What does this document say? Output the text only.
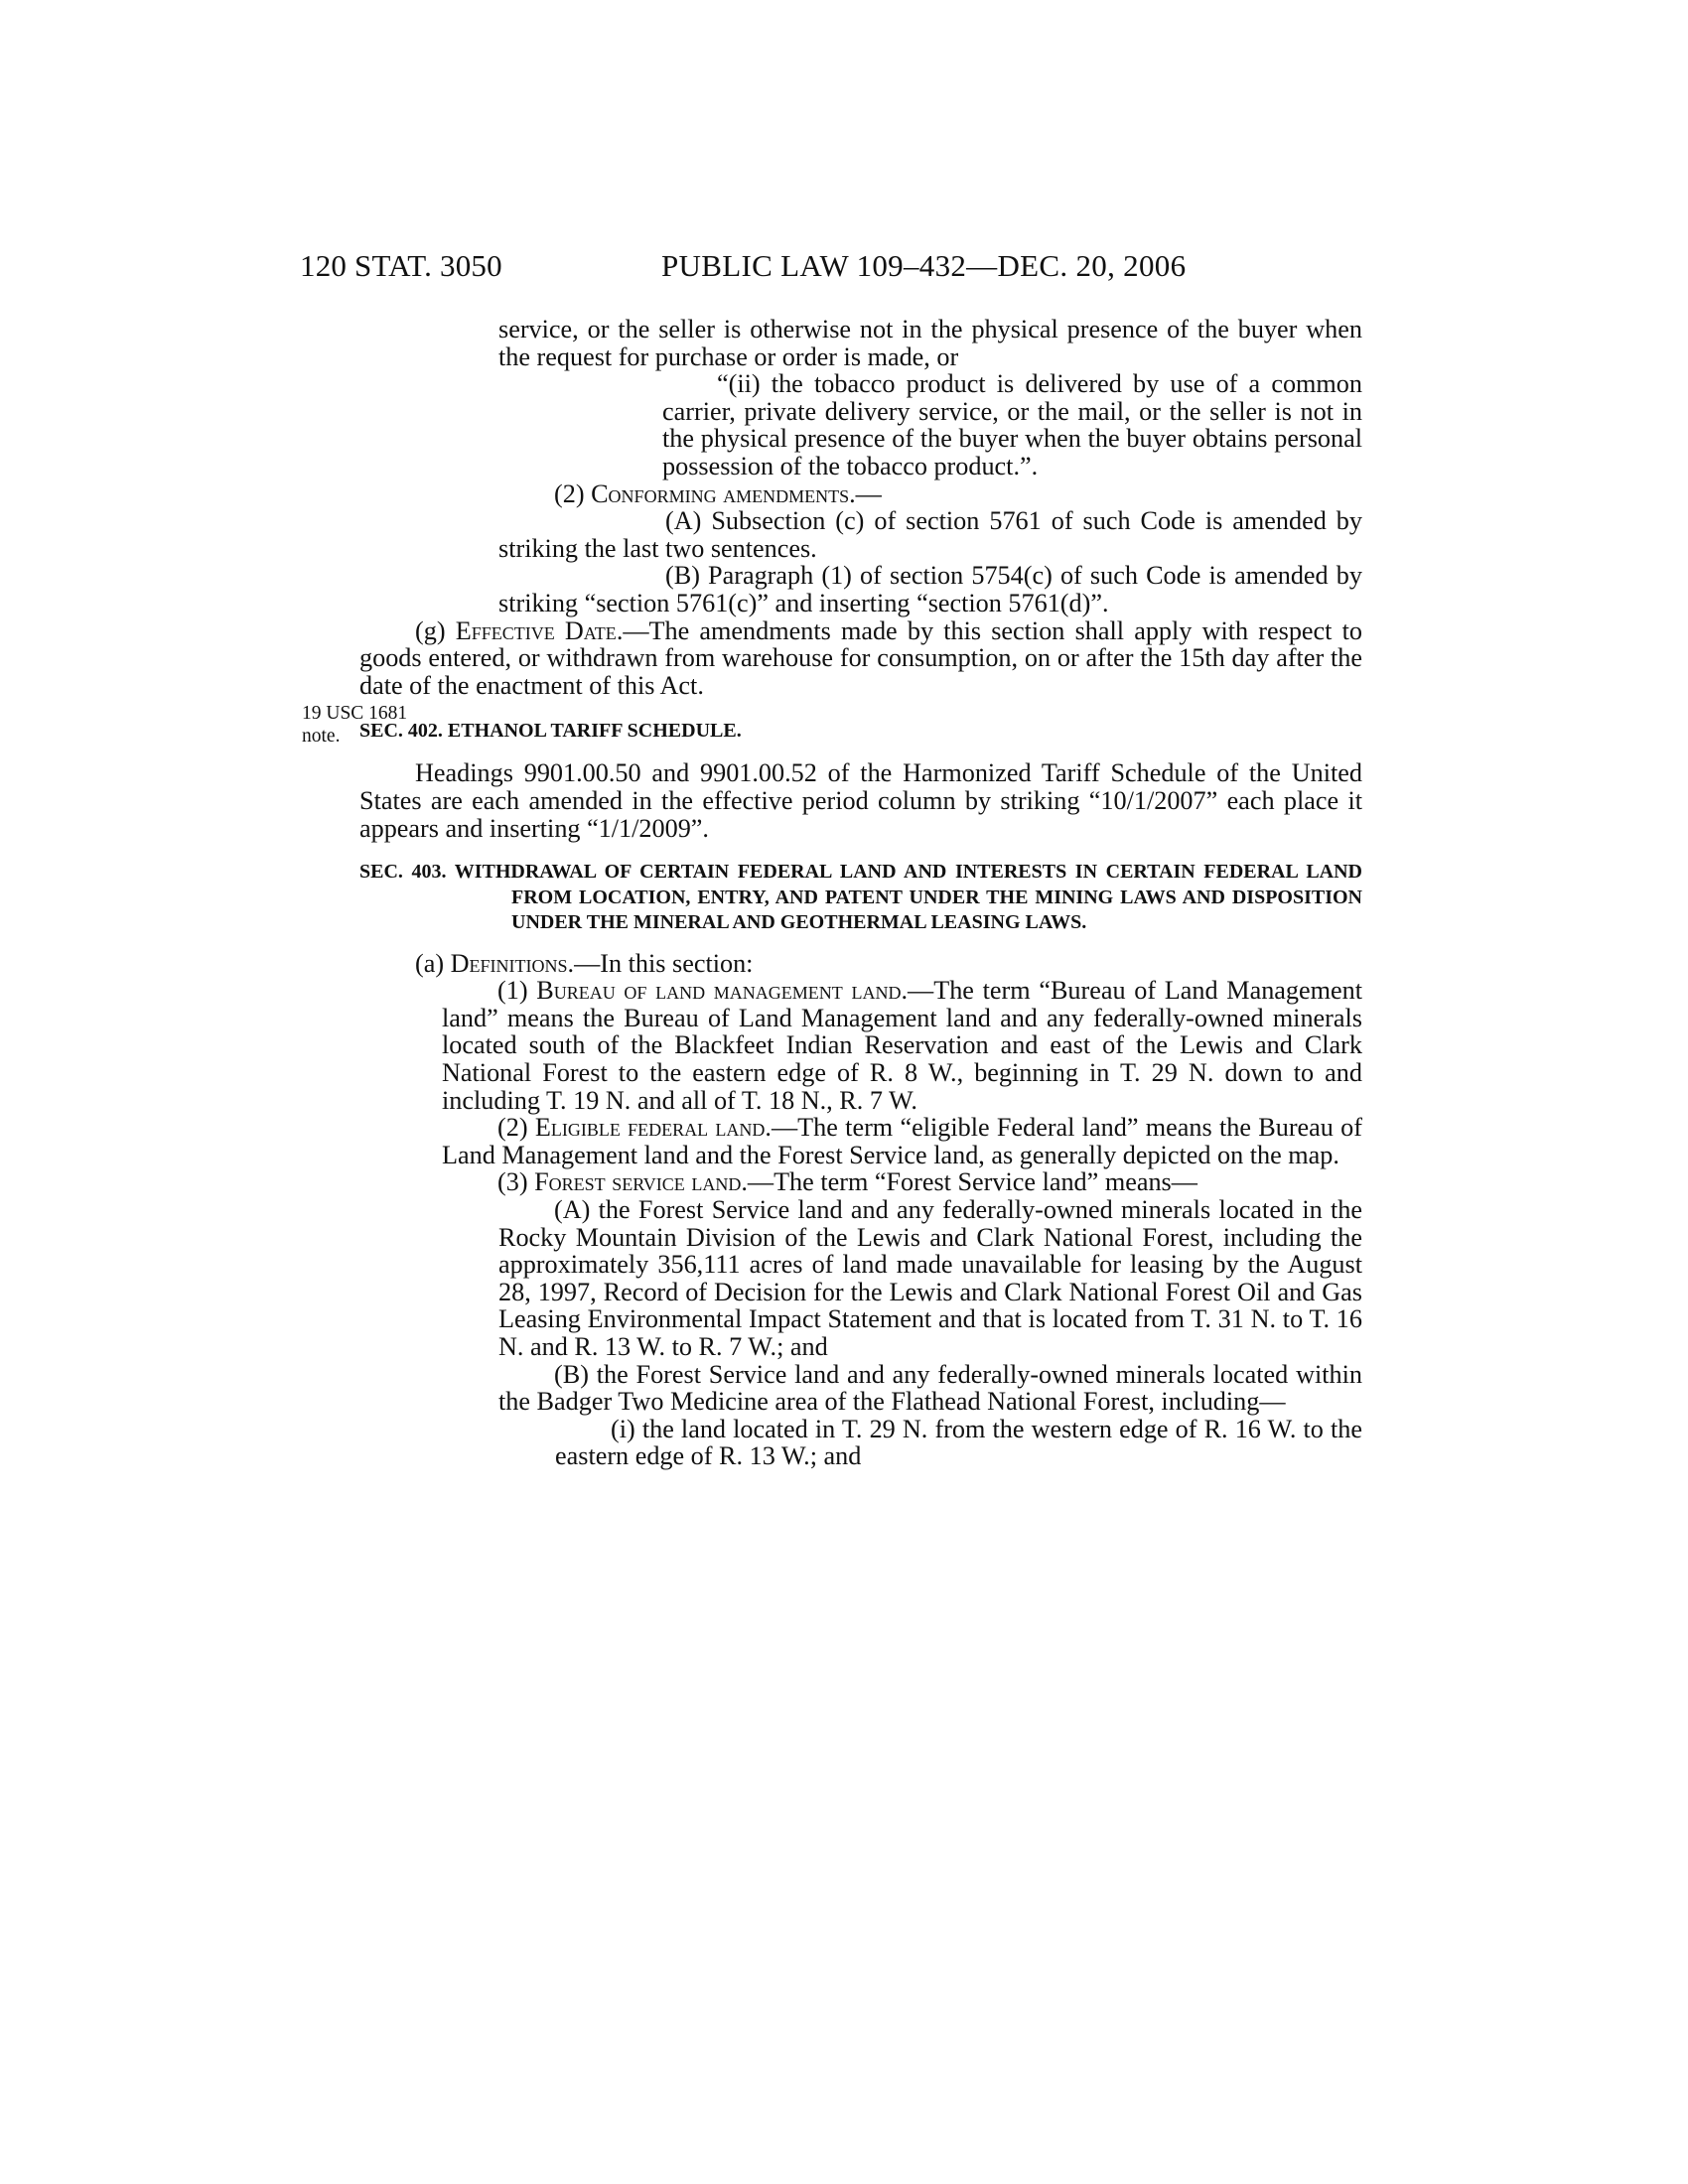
120 STAT. 3050	PUBLIC LAW 109–432—DEC. 20, 2006
19 USC 1681
note.

service, or the seller is otherwise not in the physical presence of the buyer when the request for purchase or order is made, or

“(ii) the tobacco product is delivered by use of a common carrier, private delivery service, or the mail, or the seller is not in the physical presence of the buyer when the buyer obtains personal possession of the tobacco product.”.

(2) Conforming amendments.—

(A) Subsection (c) of section 5761 of such Code is amended by striking the last two sentences.

(B) Paragraph (1) of section 5754(c) of such Code is amended by striking “section 5761(c)” and inserting “section 5761(d)”.

(g) Effective Date.—The amendments made by this section shall apply with respect to goods entered, or withdrawn from warehouse for consumption, on or after the 15th day after the date of the enactment of this Act.

SEC. 402. ETHANOL TARIFF SCHEDULE.

Headings 9901.00.50 and 9901.00.52 of the Harmonized Tariff Schedule of the United States are each amended in the effective period column by striking “10/1/2007” each place it appears and inserting “1/1/2009”.

SEC. 403. WITHDRAWAL OF CERTAIN FEDERAL LAND AND INTERESTS IN CERTAIN FEDERAL LAND FROM LOCATION, ENTRY, AND PATENT UNDER THE MINING LAWS AND DISPOSITION UNDER THE MINERAL AND GEOTHERMAL LEASING LAWS.

(a) Definitions.—In this section:

(1) Bureau of land management land.—The term “Bureau of Land Management land” means the Bureau of Land Management land and any federally-owned minerals located south of the Blackfeet Indian Reservation and east of the Lewis and Clark National Forest to the eastern edge of R. 8 W., beginning in T. 29 N. down to and including T. 19 N. and all of T. 18 N., R. 7 W.

(2) Eligible federal land.—The term “eligible Federal land” means the Bureau of Land Management land and the Forest Service land, as generally depicted on the map.

(3) Forest service land.—The term “Forest Service land” means—

(A) the Forest Service land and any federally-owned minerals located in the Rocky Mountain Division of the Lewis and Clark National Forest, including the approximately 356,111 acres of land made unavailable for leasing by the August 28, 1997, Record of Decision for the Lewis and Clark National Forest Oil and Gas Leasing Environmental Impact Statement and that is located from T. 31 N. to T. 16 N. and R. 13 W. to R. 7 W.; and

(B) the Forest Service land and any federally-owned minerals located within the Badger Two Medicine area of the Flathead National Forest, including—

(i) the land located in T. 29 N. from the western edge of R. 16 W. to the eastern edge of R. 13 W.; and
